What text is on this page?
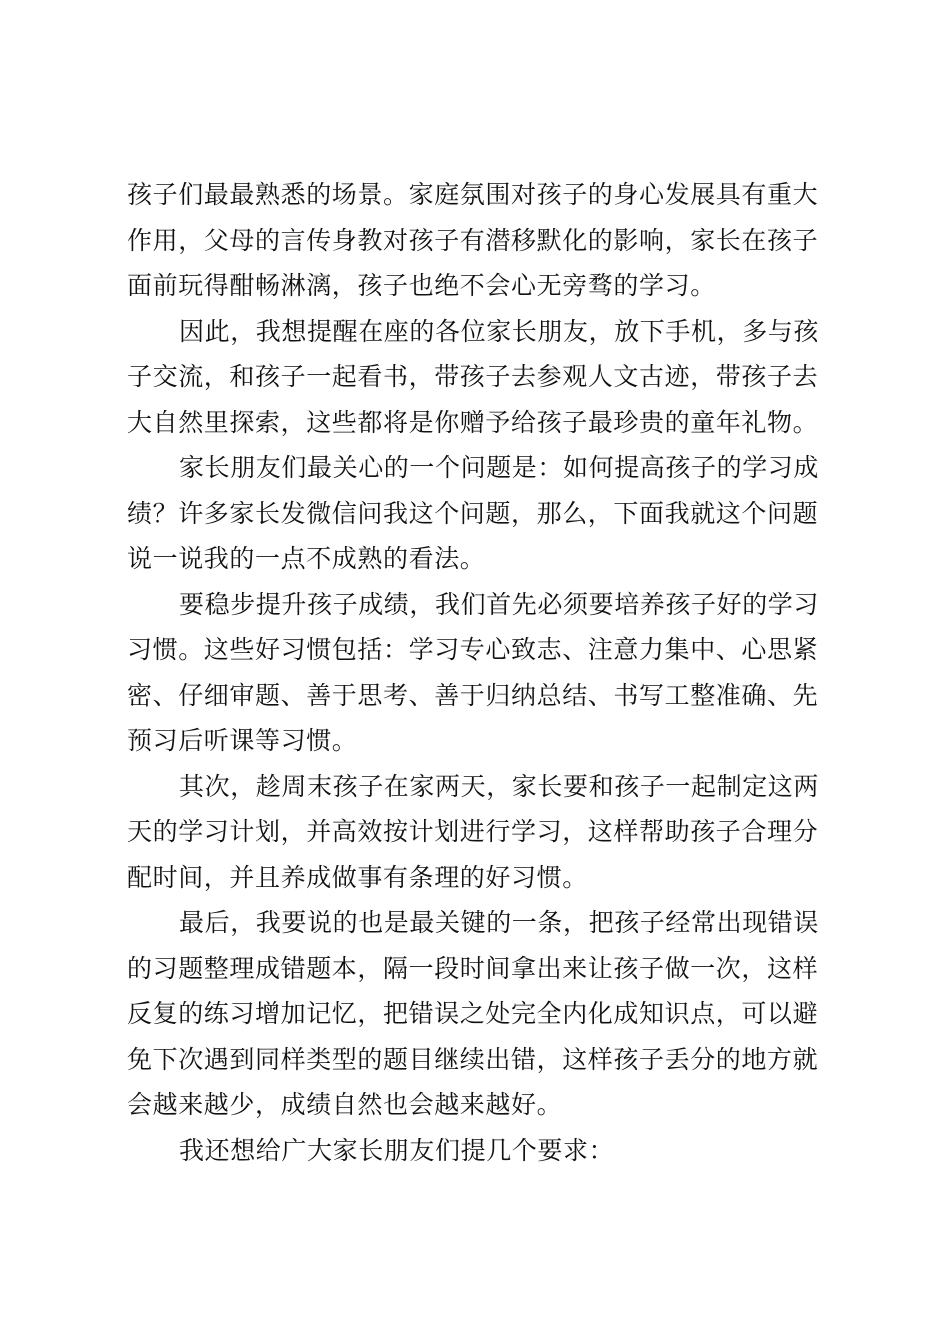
孩子们最最熟悉的场景。家庭氛围对孩子的身心发展具有重大
作用，父母的言传身教对孩子有潜移默化的影响，家长在孩子
面前玩得酣畅淋漓，孩子也绝不会心无旁骛的学习。
因此，我想提醒在座的各位家长朋友，放下手机，多与孩
子交流，和孩子一起看书，带孩子去参观人文古迹，带孩子去
大自然里探索，这些都将是你赠予给孩子最珍贵的童年礼物。
家长朋友们最关心的一个问题是：如何提高孩子的学习成
绩？许多家长发微信问我这个问题，那么，下面我就这个问题
说一说我的一点不成熟的看法。
要稳步提升孩子成绩，我们首先必须要培养孩子好的学习
习惯。这些好习惯包括：学习专心致志、注意力集中、心思紧
密、仔细审题、善于思考、善于归纳总结、书写工整准确、先
预习后听课等习惯。
其次，趁周末孩子在家两天，家长要和孩子一起制定这两
天的学习计划，并高效按计划进行学习，这样帮助孩子合理分
配时间，并且养成做事有条理的好习惯。
最后，我要说的也是最关键的一条，把孩子经常出现错误
的习题整理成错题本，隔一段时间拿出来让孩子做一次，这样
反复的练习增加记忆，把错误之处完全内化成知识点，可以避
免下次遇到同样类型的题目继续出错，这样孩子丢分的地方就
会越来越少，成绩自然也会越来越好。
我还想给广大家长朋友们提几个要求：
